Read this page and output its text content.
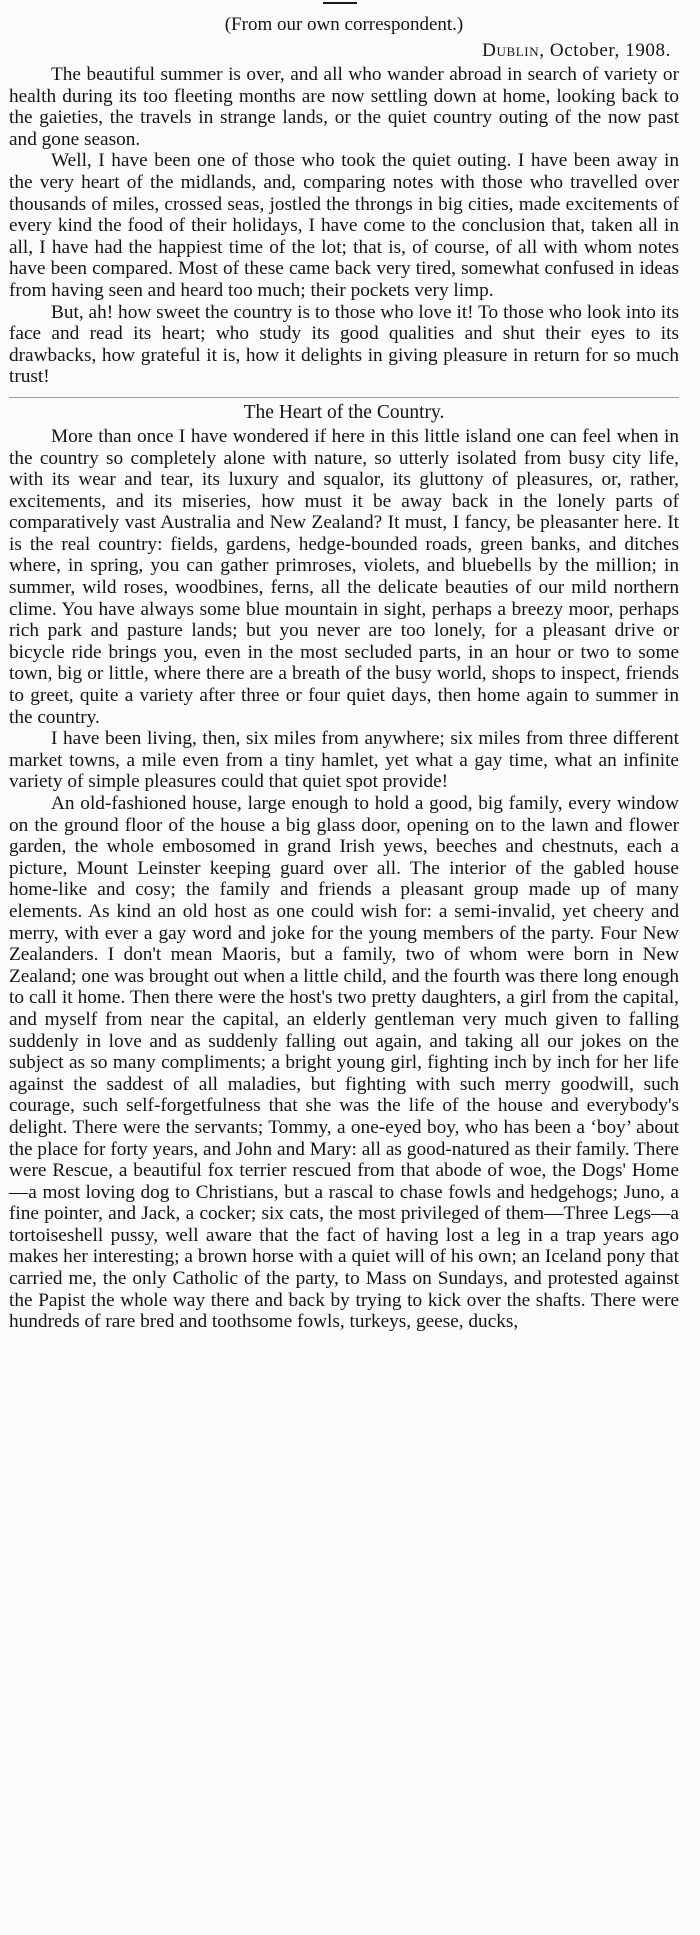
(From our own correspondent.)

Dublin, October, 1908.

The beautiful summer is over, and all who wander abroad in search of variety or health during its too fleeting months are now settling down at home, looking back to the gaieties, the travels in strange lands, or the quiet country outing of the now past and gone season.

Well, I have been one of those who took the quiet outing. I have been away in the very heart of the midlands, and, comparing notes with those who travelled over thousands of miles, crossed seas, jostled the throngs in big cities, made excitements of every kind the food of their holidays, I have come to the conclusion that, taken all in all, I have had the happiest time of the lot; that is, of course, of all with whom notes have been compared. Most of these came back very tired, somewhat confused in ideas from having seen and heard too much; their pockets very limp.

But, ah! how sweet the country is to those who love it! To those who look into its face and read its heart; who study its good qualities and shut their eyes to its drawbacks, how grateful it is, how it delights in giving pleasure in return for so much trust!

The Heart of the Country.

More than once I have wondered if here in this little island one can feel when in the country so completely alone with nature, so utterly isolated from busy city life, with its wear and tear, its luxury and squalor, its gluttony of pleasures, or, rather, excitements, and its miseries, how must it be away back in the lonely parts of comparatively vast Australia and New Zealand? It must, I fancy, be pleasanter here. It is the real country: fields, gardens, hedge-bounded roads, green banks, and ditches where, in spring, you can gather primroses, violets, and bluebells by the million; in summer, wild roses, woodbines, ferns, all the delicate beauties of our mild northern clime. You have always some blue mountain in sight, perhaps a breezy moor, perhaps rich park and pasture lands; but you never are too lonely, for a pleasant drive or bicycle ride brings you, even in the most secluded parts, in an hour or two to some town, big or little, where there are a breath of the busy world, shops to inspect, friends to greet, quite a variety after three or four quiet days, then home again to summer in the country.

I have been living, then, six miles from anywhere; six miles from three different market towns, a mile even from a tiny hamlet, yet what a gay time, what an infinite variety of simple pleasures could that quiet spot provide!

An old-fashioned house, large enough to hold a good, big family, every window on the ground floor of the house a big glass door, opening on to the lawn and flower garden, the whole embosomed in grand Irish yews, beeches and chestnuts, each a picture, Mount Leinster keeping guard over all. The interior of the gabled house home-like and cosy; the family and friends a pleasant group made up of many elements. As kind an old host as one could wish for: a semi-invalid, yet cheery and merry, with ever a gay word and joke for the young members of the party. Four New Zealanders. I don't mean Maoris, but a family, two of whom were born in New Zealand; one was brought out when a little child, and the fourth was there long enough to call it home. Then there were the host's two pretty daughters, a girl from the capital, and myself from near the capital, an elderly gentleman very much given to falling suddenly in love and as suddenly falling out again, and taking all our jokes on the subject as so many compliments; a bright young girl, fighting inch by inch for her life against the saddest of all maladies, but fighting with such merry goodwill, such courage, such self-forgetfulness that she was the life of the house and everybody's delight. There were the servants; Tommy, a one-eyed boy, who has been a ‘boy’ about the place for forty years, and John and Mary: all as good-natured as their family. There were Rescue, a beautiful fox terrier rescued from that abode of woe, the Dogs' Home—a most loving dog to Christians, but a rascal to chase fowls and hedgehogs; Juno, a fine pointer, and Jack, a cocker; six cats, the most privileged of them—Three Legs—a tortoiseshell pussy, well aware that the fact of having lost a leg in a trap years ago makes her interesting; a brown horse with a quiet will of his own; an Iceland pony that carried me, the only Catholic of the party, to Mass on Sundays, and protested against the Papist the whole way there and back by trying to kick over the shafts. There were hundreds of rare bred and toothsome fowls, turkeys, geese, ducks,
